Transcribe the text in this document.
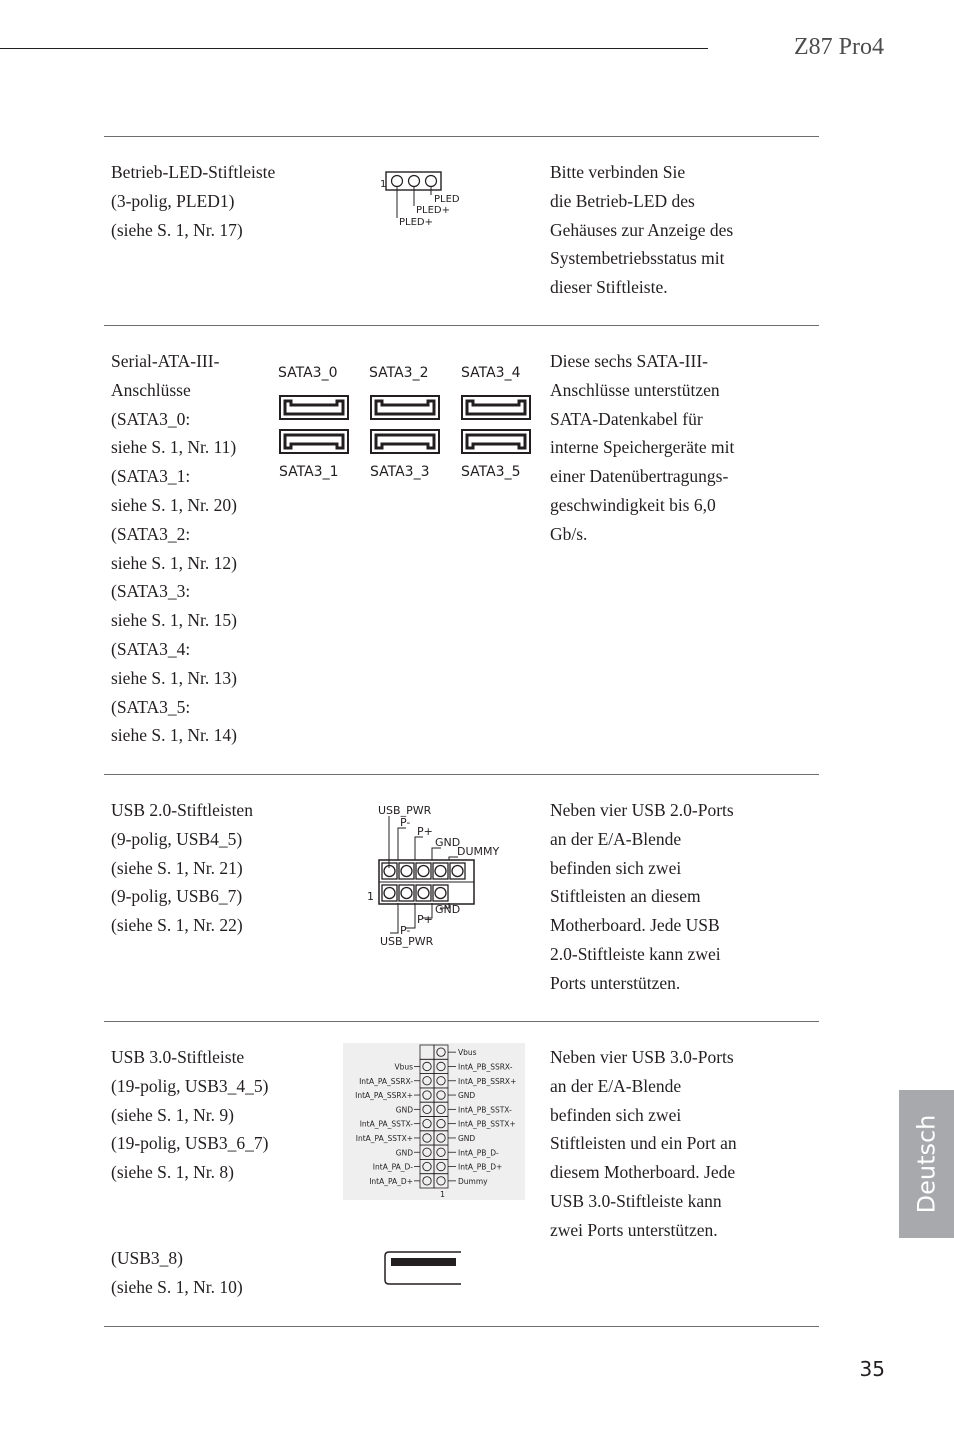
Z87 Pro4
Deutsch
35
Betrieb-LED-Stiftleiste
(3-polig, PLED1)
(siehe S. 1, Nr. 17)
1
PLED
PLED+
PLED+
Bitte verbinden Sie
die Betrieb-LED des
Gehäuses zur Anzeige des
Systembetriebsstatus mit
dieser Stiftleiste.
Serial-ATA-III-
Anschlüsse
(SATA3_0:
siehe S. 1, Nr. 11)
(SATA3_1:
siehe S. 1, Nr. 20)
(SATA3_2:
siehe S. 1, Nr. 12)
(SATA3_3:
siehe S. 1, Nr. 15)
(SATA3_4:
siehe S. 1, Nr. 13)
(SATA3_5:
siehe S. 1, Nr. 14)
SATA3_0 SATA3_2 SATA3_4
SATA3_1 SATA3_3 SATA3_5
Diese sechs SATA-III-
Anschlüsse unterstützen
SATA-Datenkabel für
interne Speichergeräte mit
einer Datenübertragungs-
geschwindigkeit bis 6,0
Gb/s.
USB 2.0-Stiftleisten
(9-polig, USB4_5)
(siehe S. 1, Nr. 21)
(9-polig, USB6_7)
(siehe S. 1, Nr. 22)
USB_PWR
P-
P+
GND
DUMMY
1
GND
P+
P-
USB_PWR
Neben vier USB 2.0-Ports
an der E/A-Blende
befinden sich zwei
Stiftleisten an diesem
Motherboard. Jede USB
2.0-Stiftleiste kann zwei
Ports unterstützen.
USB 3.0-Stiftleiste
(19-polig, USB3_4_5)
(siehe S. 1, Nr. 9)
(19-polig, USB3_6_7)
(siehe S. 1, Nr. 8)
Vbus
IntA_PB_SSRX-
Vbus
IntA_PB_SSRX+
IntA_PA_SSRX-
GND
IntA_PA_SSRX+
IntA_PB_SSTX-
GND
IntA_PB_SSTX+
IntA_PA_SSTX-
GND
IntA_PA_SSTX+
IntA_PB_D-
GND
IntA_PB_D+
IntA_PA_D-
Dummy
IntA_PA_D+
1
(USB3_8)
(siehe S. 1, Nr. 10)
Neben vier USB 3.0-Ports
an der E/A-Blende
befinden sich zwei
Stiftleisten und ein Port an
diesem Motherboard. Jede
USB 3.0-Stiftleiste kann
zwei Ports unterstützen.
